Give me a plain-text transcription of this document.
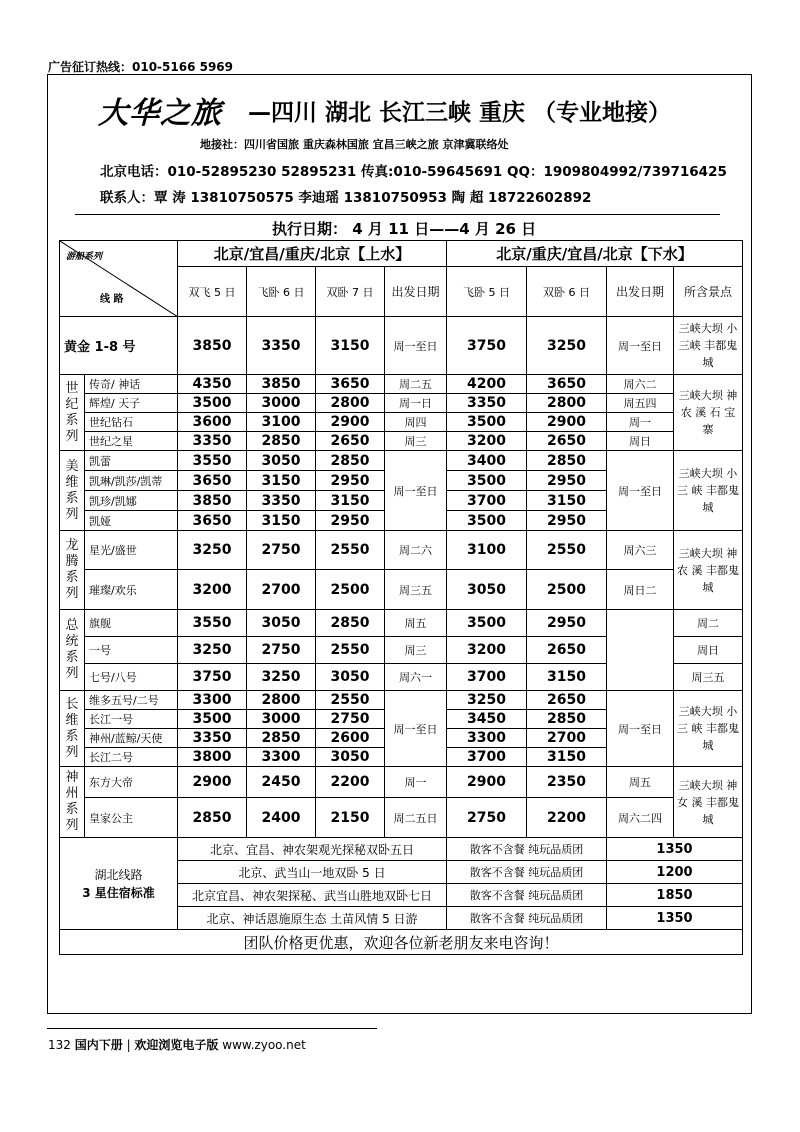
广告征订热线：010-5166 5969
大华之旅 —四川 湖北 长江三峡 重庆 （专业地接）
地接社：四川省国旅 重庆森林国旅 宜昌三峡之旅 京津冀联络处
北京电话：010-52895230 52895231 传真:010-59645691 QQ：1909804992/739716425
联系人：覃 涛 13810750575 李迪瑶 13810750953 陶 超 18722602892
执行日期： 4 月 11 日——4 月 26 日
游船系列
线 路		北京/宜昌/重庆/北京【上水】				北京/重庆/宜昌/北京【下水】			
		双飞 5 日	飞卧 6 日	双卧 7 日	出发日期	飞卧 5 日	双卧 6 日	出发日期	所含景点
黄金 1-8 号		3850	3350	3150	周一至日	3750	3250	周一至日	三峡大坝 小三峡 丰都鬼城
世纪系列	传奇/ 神话	4350	3850	3650	周二五	4200	3650	周六二	三峡大坝 神 农 溪 石 宝 寨
	辉煌/ 天子	3500	3000	2800	周一日	3350	2800	周五四	
	世纪钻石	3600	3100	2900	周四	3500	2900	周一	
	世纪之星	3350	2850	2650	周三	3200	2650	周日	
美维系列	凯蕾	3550	3050	2850	周一至日	3400	2850	周一至日	三峡大坝 小 三 峡 丰都鬼城
	凯琳/凯莎/凯蒂	3650	3150	2950		3500	2950		
	凯珍/凯娜	3850	3350	3150		3700	3150		
	凯娅	3650	3150	2950		3500	2950		
龙腾系列	星光/盛世	3250	2750	2550	周二六	3100	2550	周六三	三峡大坝 神 农 溪 丰都鬼城
	璀璨/欢乐	3200	2700	2500	周三五	3050	2500	周日二	
总统系列	旗舰	3550	3050	2850	周五	3500	2950		周二
	一号	3250	2750	2550	周三	3200	2650		周日
	七号/八号	3750	3250	3050	周六一	3700	3150		周三五
长维系列	维多五号/二号	3300	2800	2550	周一至日	3250	2650	周一至日	三峡大坝 小 三 峡 丰都鬼城
	长江一号	3500	3000	2750		3450	2850		
	神州/蓝鲸/天使	3350	2850	2600		3300	2700		
	长江二号	3800	3300	3050		3700	3150		
神州系列	东方大帝	2900	2450	2200	周一	2900	2350	周五	三峡大坝 神 女 溪 丰都鬼城
	皇家公主	2850	2400	2150	周二五日	2750	2200	周六二四	

湖北线路
3 星住宿标准		北京、宜昌、神农架观光探秘双卧五日				散客不含餐 纯玩品质团		1350	
		北京、武当山一地双卧 5 日				散客不含餐 纯玩品质团		1200	
		北京宜昌、神农架探秘、武当山胜地双卧七日				散客不含餐 纯玩品质团		1850	
		北京、神话恩施原生态 土苗风情 5 日游				散客不含餐 纯玩品质团		1350	
团队价格更优惠，欢迎各位新老朋友来电咨询！									
132 国内下册 | 欢迎浏览电子版 www.zyoo.net
